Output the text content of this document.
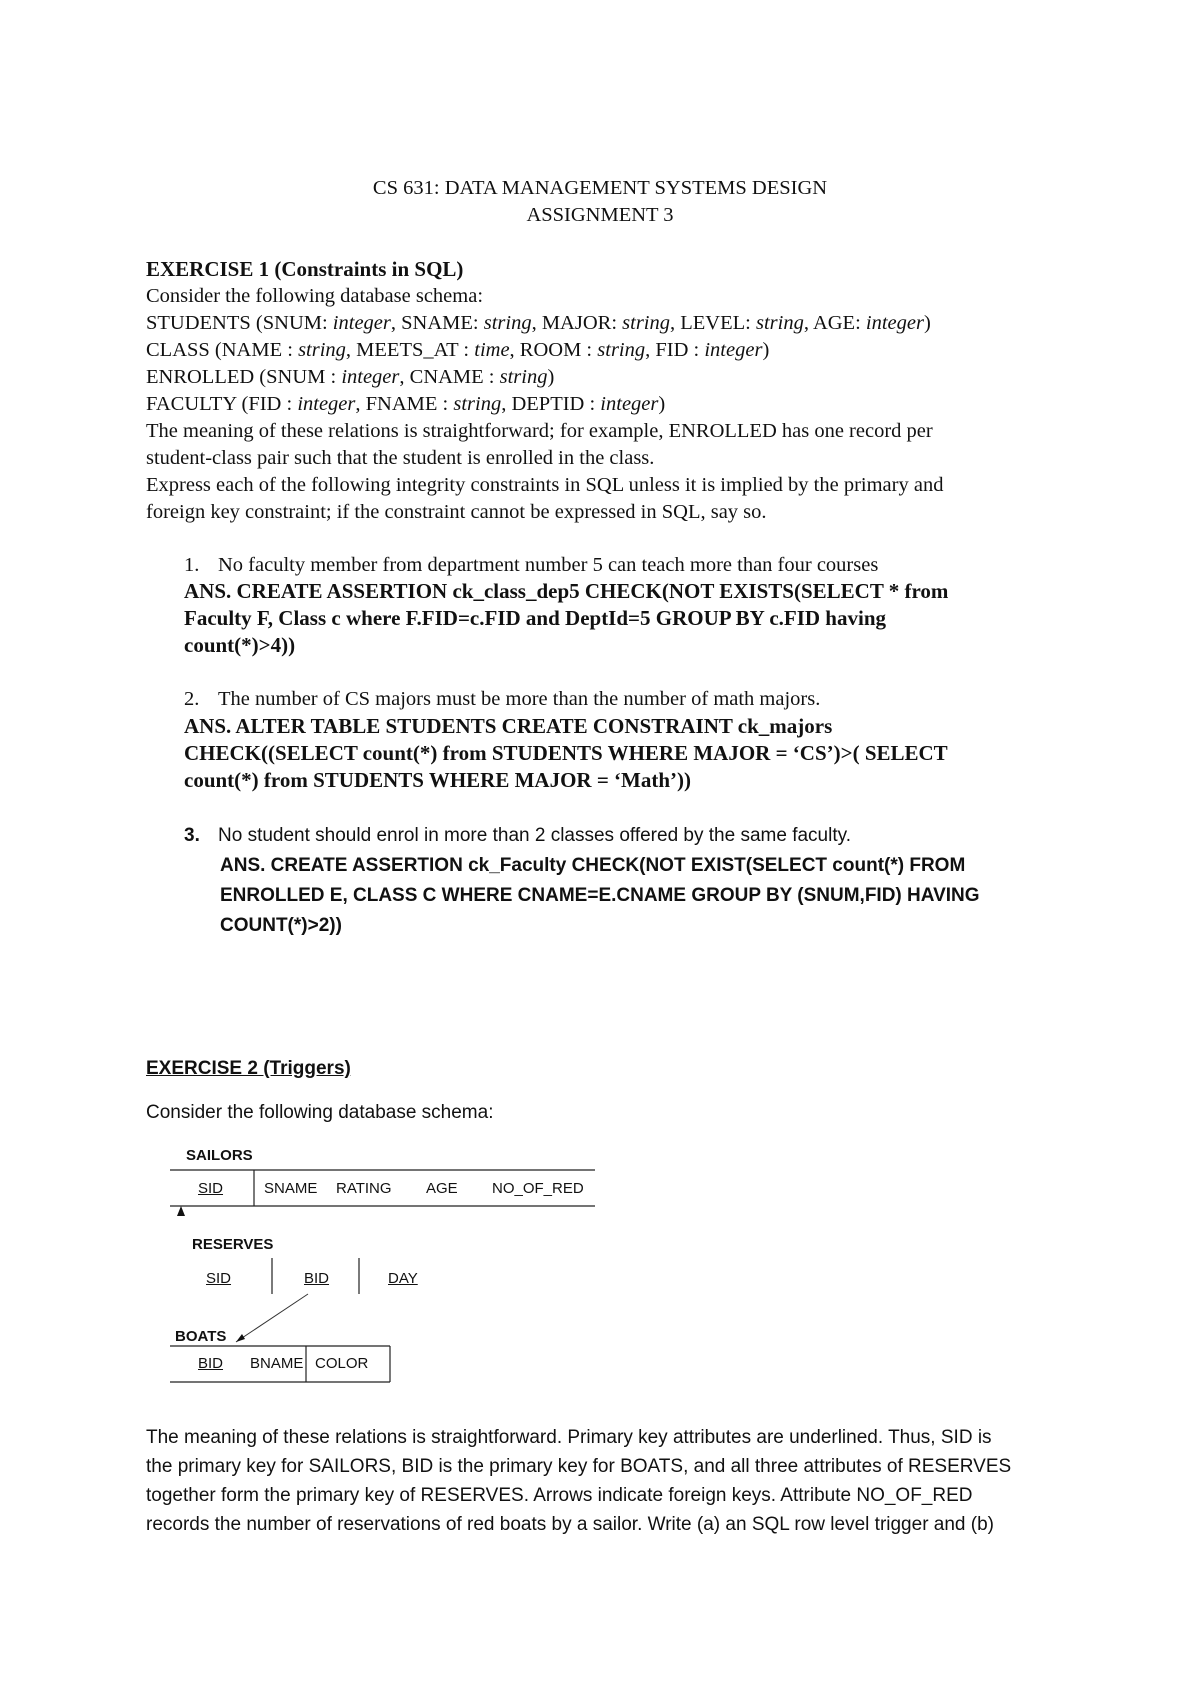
CS 631: DATA MANAGEMENT SYSTEMS DESIGN
ASSIGNMENT 3
EXERCISE 1 (Constraints in SQL)
Consider the following database schema:
STUDENTS (SNUM: integer, SNAME: string, MAJOR: string, LEVEL: string, AGE: integer)
CLASS (NAME : string, MEETS_AT : time, ROOM : string, FID : integer)
ENROLLED (SNUM : integer, CNAME : string)
FACULTY (FID : integer, FNAME : string, DEPTID : integer)
The meaning of these relations is straightforward; for example, ENROLLED has one record per
student-class pair such that the student is enrolled in the class.
Express each of the following integrity constraints in SQL unless it is implied by the primary and
foreign key constraint; if the constraint cannot be expressed in SQL, say so.
1. No faculty member from department number 5 can teach more than four courses
ANS. CREATE ASSERTION ck_class_dep5 CHECK(NOT EXISTS(SELECT * from
Faculty F, Class c where F.FID=c.FID and DeptId=5 GROUP BY c.FID having
count(*)>4))
2. The number of CS majors must be more than the number of math majors.
ANS. ALTER TABLE STUDENTS CREATE CONSTRAINT ck_majors
CHECK((SELECT count(*) from STUDENTS WHERE MAJOR = ‘CS’)>( SELECT
count(*) from STUDENTS WHERE MAJOR = ‘Math’))
3. No student should enrol in more than 2 classes offered by the same faculty.
ANS. CREATE ASSERTION ck_Faculty CHECK(NOT EXIST(SELECT count(*) FROM
ENROLLED E, CLASS C WHERE CNAME=E.CNAME GROUP BY (SNUM,FID) HAVING
COUNT(*)>2))
EXERCISE 2 (Triggers)
Consider the following database schema:
SAILORS
SID	SNAME RATING AGE NO_OF_RED
RESERVES
SID	BID	DAY
BOATS
BID BNAME COLOR
The meaning of these relations is straightforward. Primary key attributes are underlined. Thus, SID is
the primary key for SAILORS, BID is the primary key for BOATS, and all three attributes of RESERVES
together form the primary key of RESERVES. Arrows indicate foreign keys. Attribute NO_OF_RED
records the number of reservations of red boats by a sailor. Write (a) an SQL row level trigger and (b)
